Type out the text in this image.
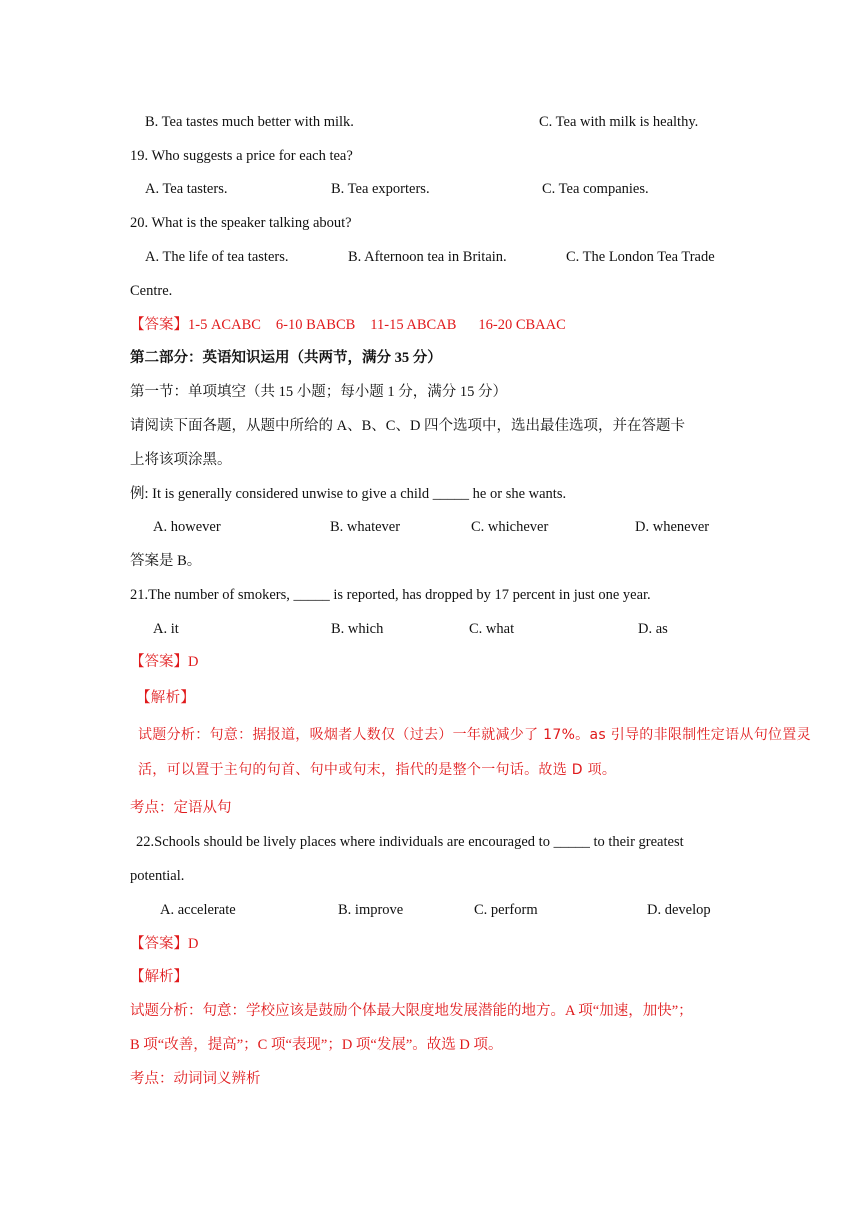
B. Tea tastes much better with milk.	C. Tea with milk is healthy.
19. Who suggests a price for each tea?
A. Tea tasters.	B. Tea exporters.	C. Tea companies.
20. What is the speaker talking about?
A. The life of tea tasters.	B. Afternoon tea in Britain.	C. The London Tea Trade
Centre.
【答案】1-5 ACABC 6-10 BABCB 11-15 ABCAB 16-20 CBAAC
第二部分：英语知识运用（共两节，满分 35 分）
第一节：单项填空（共 15 小题；每小题 1 分，满分 15 分）
请阅读下面各题，从题中所给的 A、B、C、D 四个选项中，选出最佳选项，并在答题卡
上将该项涂黑。
例: It is generally considered unwise to give a child _____ he or she wants.
A. however	B. whatever	C. whichever	D. whenever
答案是 B。
21.The number of smokers, _____ is reported, has dropped by 17 percent in just one year.
A. it	B. which	C. what	D. as
【答案】D
【解析】
试题分析：句意：据报道，吸烟者人数仅（过去）一年就减少了 17%。as 引导的非限制性定语从句位置灵
活，可以置于主句的句首、句中或句末，指代的是整个一句话。故选 D 项。
考点：定语从句
22.Schools should be lively places where individuals are encouraged to _____ to their greatest
potential.
A. accelerate	B. improve	C. perform	D. develop
【答案】D
【解析】
试题分析：句意：学校应该是鼓励个体最大限度地发展潜能的地方。A 项“加速，加快”；
B 项“改善，提高”；C 项“表现”；D 项“发展”。故选 D 项。
考点：动词词义辨析
